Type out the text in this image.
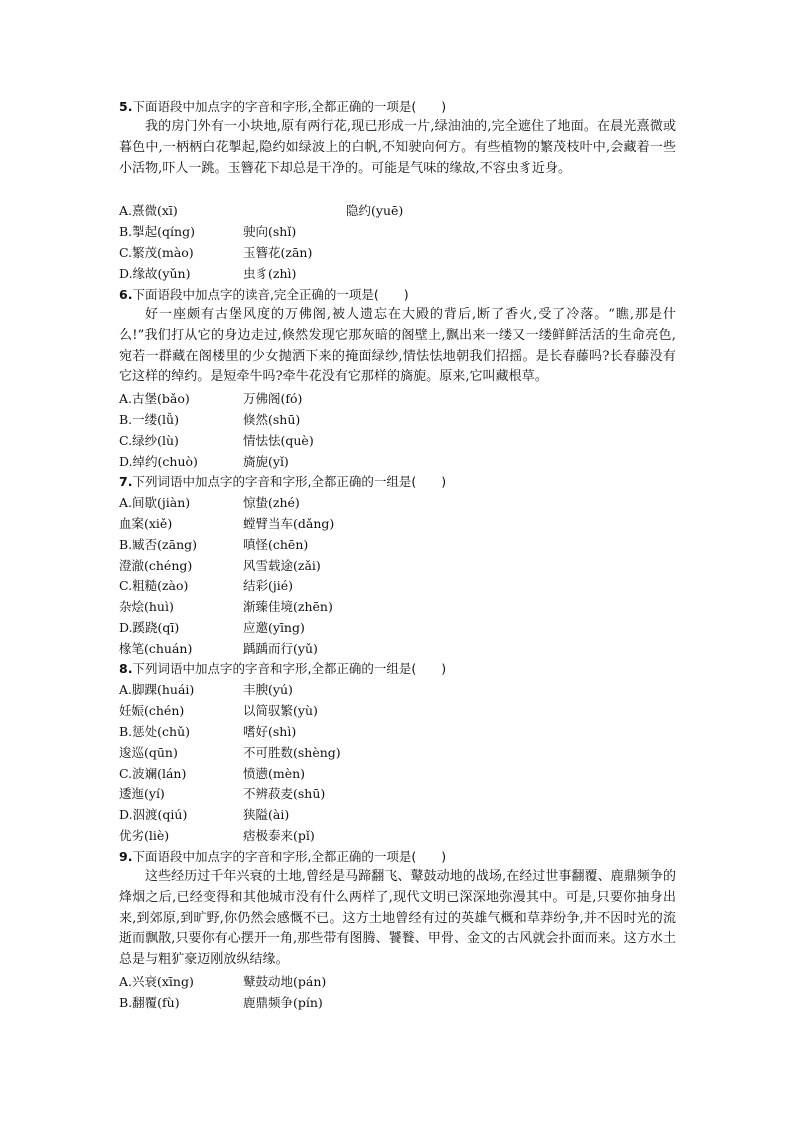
5.下面语段中加点字的字音和字形,全都正确的一项是(　　)
我的房门外有一小块地,原有两行花,现已形成一片,绿油油的,完全遮住了地面。在晨光熹微或暮色中,一柄柄白花掣起,隐约如绿波上的白帆,不知驶向何方。有些植物的繁茂枝叶中,会藏着一些小活物,吓人一跳。玉簪花下却总是干净的。可能是气味的缘故,不容虫豸近身。
A.熹微(xī)	隐约(yuē)
B.掣起(qíng)	驶向(shǐ)
C.繁茂(mào)	玉簪花(zān)
D.缘故(yǔn)	虫豸(zhì)
6.下面语段中加点字的读音,完全正确的一项是(　　)
好一座颇有古堡风度的万佛阁,被人遗忘在大殿的背后,断了香火,受了冷落。“瞧,那是什么!”我们打从它的身边走过,倏然发现它那灰暗的阁壁上,飘出来一缕又一缕鲜鲜活活的生命亮色,宛若一群藏在阁楼里的少女抛洒下来的掩面绿纱,情怯怯地朝我们招摇。是长春藤吗?长春藤没有它这样的绰约。是短牵牛吗?牵牛花没有它那样的旖旎。原来,它叫藏根草。
A.古堡(bǎo)	万佛阁(fó)
B.一缕(lǚ)	倏然(shū)
C.绿纱(lù)	情怯怯(què)
D.绰约(chuò)	旖旎(yǐ)
7.下列词语中加点字的字音和字形,全都正确的一组是(　　)
A.间歇(jiàn)	惊蛰(zhé)
血案(xiě)	螳臂当车(dǎng)
B.臧否(zāng)	嗔怪(chēn)
澄澈(chéng)	风雪载途(zǎi)
C.粗糙(zào)	结彩(jié)
杂烩(huì)	渐臻佳境(zhēn)
D.蹊跷(qī)	应邀(yīng)
椽笔(chuán)	踽踽而行(yǔ)
8.下列词语中加点字的字音和字形,全都正确的一组是(　　)
A.脚踝(huái)	丰腴(yú)
妊娠(chén)	以简驭繁(yù)
B.惩处(chǔ)	嗜好(shì)
逡巡(qūn)	不可胜数(shèng)
C.波斓(lán)	愤懑(mèn)
逶迤(yí)	不辨菽麦(shū)
D.泅渡(qiú)	狭隘(ài)
优劣(liè)	痞极泰来(pǐ)
9.下面语段中加点字的字音和字形,全都正确的一项是(　　)
这些经历过千年兴衰的土地,曾经是马蹄翻飞、鼙鼓动地的战场,在经过世事翻覆、鹿鼎频争的烽烟之后,已经变得和其他城市没有什么两样了,现代文明已深深地弥漫其中。可是,只要你抽身出来,到郊原,到旷野,你仍然会感慨不已。这方土地曾经有过的英雄气概和草莽纷争,并不因时光的流逝而飘散,只要你有心摆开一角,那些带有图腾、饕餮、甲骨、金文的古风就会扑面而来。这方水土总是与粗犷豪迈刚放纵结缘。
A.兴衰(xīng)	鼙鼓动地(pán)
B.翻覆(fù)	鹿鼎频争(pín)
